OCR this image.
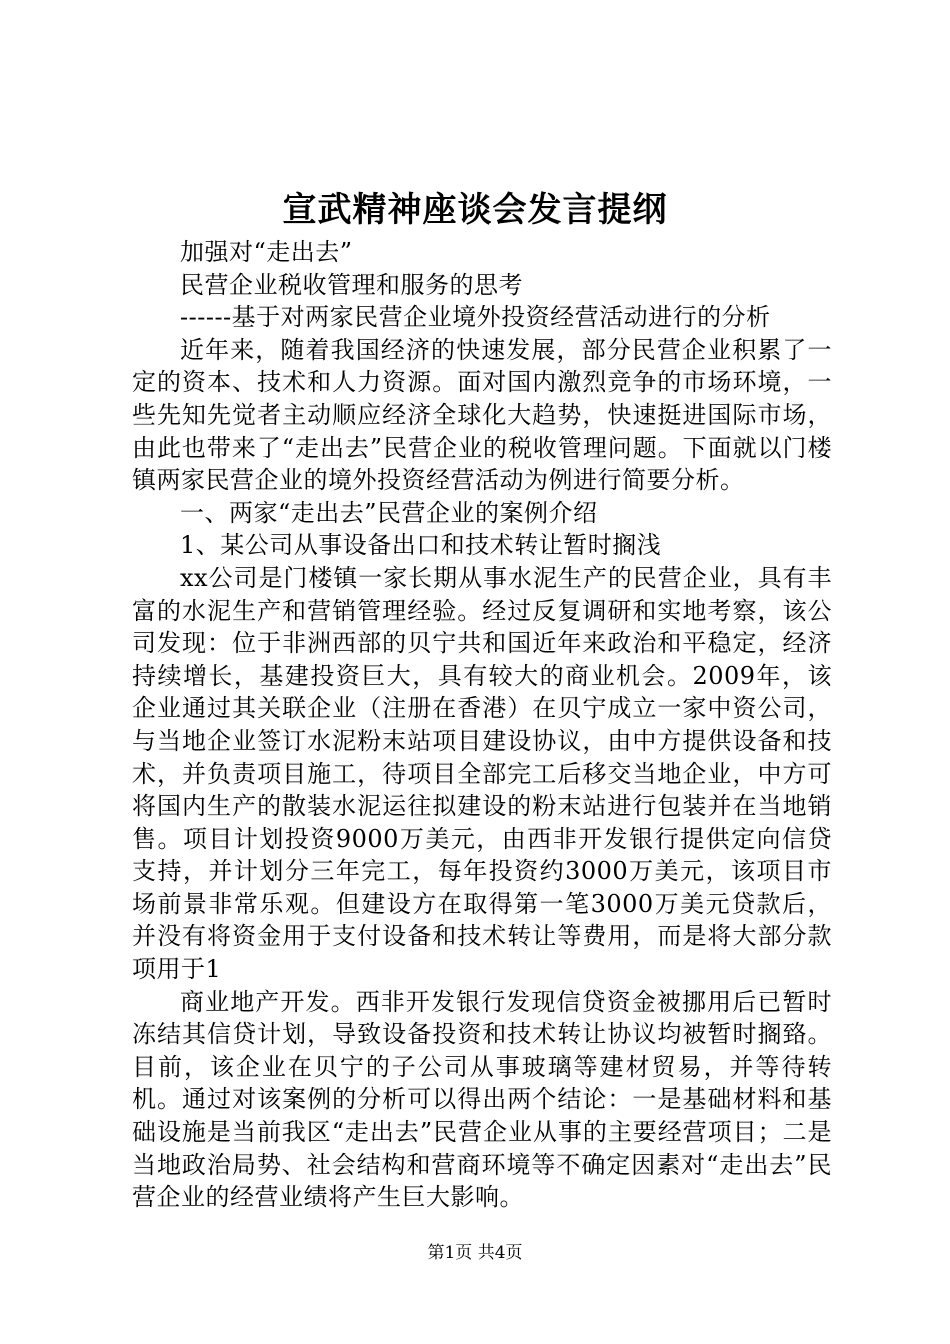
宣武精神座谈会发言提纲

加强对“走出去”

民营企业税收管理和服务的思考

------基于对两家民营企业境外投资经营活动进行的分析

近年来，随着我国经济的快速发展，部分民营企业积累了一定的资本、技术和人力资源。面对国内激烈竞争的市场环境，一些先知先觉者主动顺应经济全球化大趋势，快速挺进国际市场，由此也带来了“走出去”民营企业的税收管理问题。下面就以门楼镇两家民营企业的境外投资经营活动为例进行简要分析。

一、两家“走出去”民营企业的案例介绍

1、某公司从事设备出口和技术转让暂时搁浅

xx公司是门楼镇一家长期从事水泥生产的民营企业，具有丰富的水泥生产和营销管理经验。经过反复调研和实地考察，该公司发现：位于非洲西部的贝宁共和国近年来政治和平稳定，经济持续增长，基建投资巨大，具有较大的商业机会。2009年，该企业通过其关联企业（注册在香港）在贝宁成立一家中资公司，与当地企业签订水泥粉末站项目建设协议，由中方提供设备和技术，并负责项目施工，待项目全部完工后移交当地企业，中方可将国内生产的散装水泥运往拟建设的粉末站进行包装并在当地销售。项目计划投资9000万美元，由西非开发银行提供定向信贷支持，并计划分三年完工，每年投资约3000万美元，该项目市场前景非常乐观。但建设方在取得第一笔3000万美元贷款后，并没有将资金用于支付设备和技术转让等费用，而是将大部分款项用于1

商业地产开发。西非开发银行发现信贷资金被挪用后已暂时冻结其信贷计划，导致设备投资和技术转让协议均被暂时搁臵。目前，该企业在贝宁的子公司从事玻璃等建材贸易，并等待转机。通过对该案例的分析可以得出两个结论：一是基础材料和基础设施是当前我区“走出去”民营企业从事的主要经营项目；二是当地政治局势、社会结构和营商环境等不确定因素对“走出去”民营企业的经营业绩将产生巨大影响。

第1页 共4页
